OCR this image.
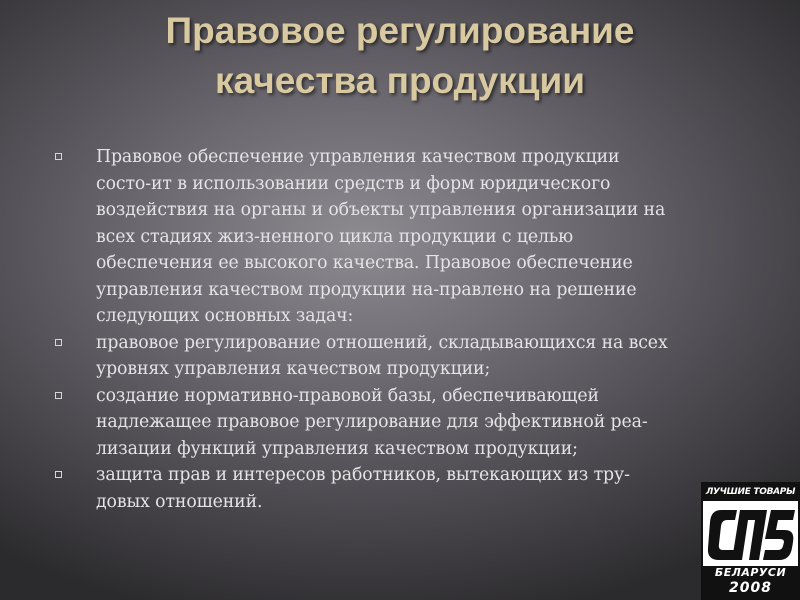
Правовое регулирование
качества продукции
Правовое обеспечение управления качеством продукции
состо-ит в использовании средств и форм юридического
воздействия на органы и объекты управления организации на
всех стадиях жиз-ненного цикла продукции с целью
обеспечения ее высокого качества. Правовое обеспечение
управления качеством продукции на-правлено на решение
следующих основных задач:
правовое регулирование отношений, складывающихся на всех
уровнях управления качеством продукции;
создание нормативно-правовой базы, обеспечивающей
надлежащее правовое регулирование для эффективной реа-
лизации функций управления качеством продукции;
защита прав и интересов работников, вытекающих из тру-
довых отношений.	ЛУЧШИЕ ТОВАРЫ
БЕЛАРУСИ
2008
